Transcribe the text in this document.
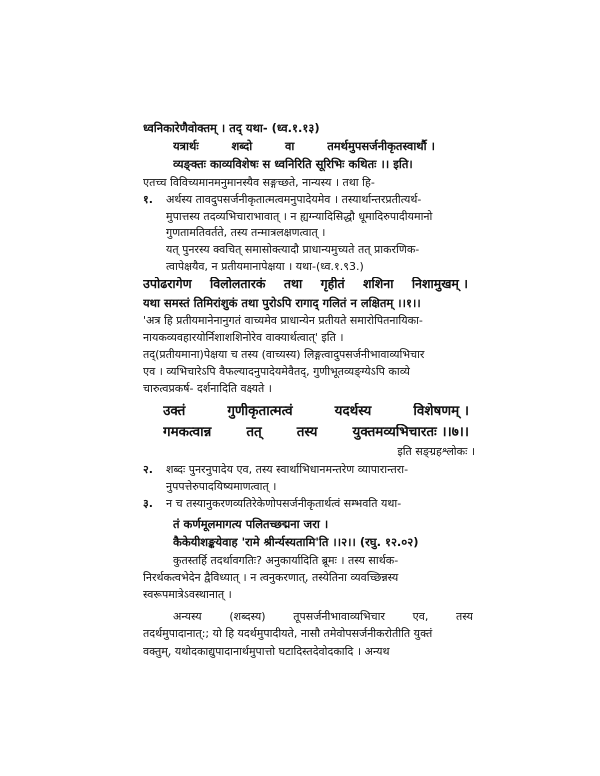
ध्वनिकारेणैवोक्तम् । तद् यथा- (ध्व.१.१३)
यत्रार्थः	शब्दो	वा	तमर्थमुपसर्जनीकृतस्वार्थौ ।
व्यङ्क्तः काव्यविशेषः स ध्वनिरिति सूरिभिः कथितः ।। इति।
एतच्च विविच्यमानमनुमानस्यैव सङ्गच्छते, नान्यस्य । तथा हि-
१. अर्थस्य तावदुपसर्जनीकृतात्मत्वमनुपादेयमेव । तस्यार्थान्तरप्रतीत्यर्थ-
मुपात्तस्य तदव्यभिचाराभावात् । न ह्यग्न्यादिसिद्धौ धूमादिरुपादीयमानो
गुणतामतिवर्तते, तस्य तन्मात्रलक्षणत्वात् ।
यत् पुनरस्य क्वचित् समासोक्त्यादौ प्राधान्यमुच्यते तत् प्राकरणिक-
त्वापेक्षयैव, न प्रतीयमानापेक्षया । यथा-(ध्व.१.९3.)
उपोढरागेण विलोलतारकं तथा गृहीतं शशिना निशामुखम् ।
यथा समस्तं तिमिरांशुकं तथा पुरोऽपि रागाद् गलितं न लक्षितम् ।।१।।
'अत्र हि प्रतीयमानेनानुगतं वाच्यमेव प्राधान्येन प्रतीयते समारोपितनायिका-
नायकव्यवहारयोर्निशाशशिनोरेव वाक्यार्थत्वात्' इति ।
तद्(प्रतीयमाना)पेक्षया च तस्य (वाच्यस्य) लिङ्गत्वादुपसर्जनीभावाव्यभिचार
एव । व्यभिचारेऽपि वैफल्यादनुपादेयमेवैतद्, गुणीभूतव्यङ्ग्येऽपि काव्ये
चारुत्वप्रकर्ष- दर्शनादिति वक्ष्यते ।
उक्तं	गुणीकृतात्मत्वं	यदर्थस्य	विशेषणम् ।
गमकत्वान्न	तत्	तस्य	युक्तमव्यभिचारतः ।।७।।
इति सङ्ग्रहश्लोकः ।
२. शब्दः पुनरनुपादेय एव, तस्य स्वार्थाभिधानमन्तरेण व्यापारान्तरा-
नुपपत्तेरुपादयिष्यमाणत्वात् ।
३. न च तस्यानुकरणव्यतिरेकेणोपसर्जनीकृतार्थत्वं सम्भवति यथा-
तं कर्णमूलमागत्य पलितच्छद्मना जरा ।
कैकेयीशङ्कयेवाह 'रामे श्रीर्न्यस्यतामि'ति ।।२।। (रघु. १२.०२)
कुतस्तर्हि तदर्थावगतिः? अनुकार्यादिति ब्रूमः । तस्य सार्थक-
निरर्थकत्वभेदेन द्वैविध्यात् । न त्वनुकरणात्, तस्येतिना व्यवच्छिन्नस्य
स्वरूपमात्रेऽवस्थानात् ।
अन्यस्य	(शब्दस्य)	तूपसर्जनीभावाव्यभिचार	एव,	तस्य
तदर्थमुपादानात्:; यो हि यदर्थमुपादीयते, नासौ तमेवोपसर्जनीकरोतीति युक्तं
वक्तुम्, यथोदकाद्युपादानार्थमुपात्तो घटादिस्तदेवोदकादि । अन्यथ
